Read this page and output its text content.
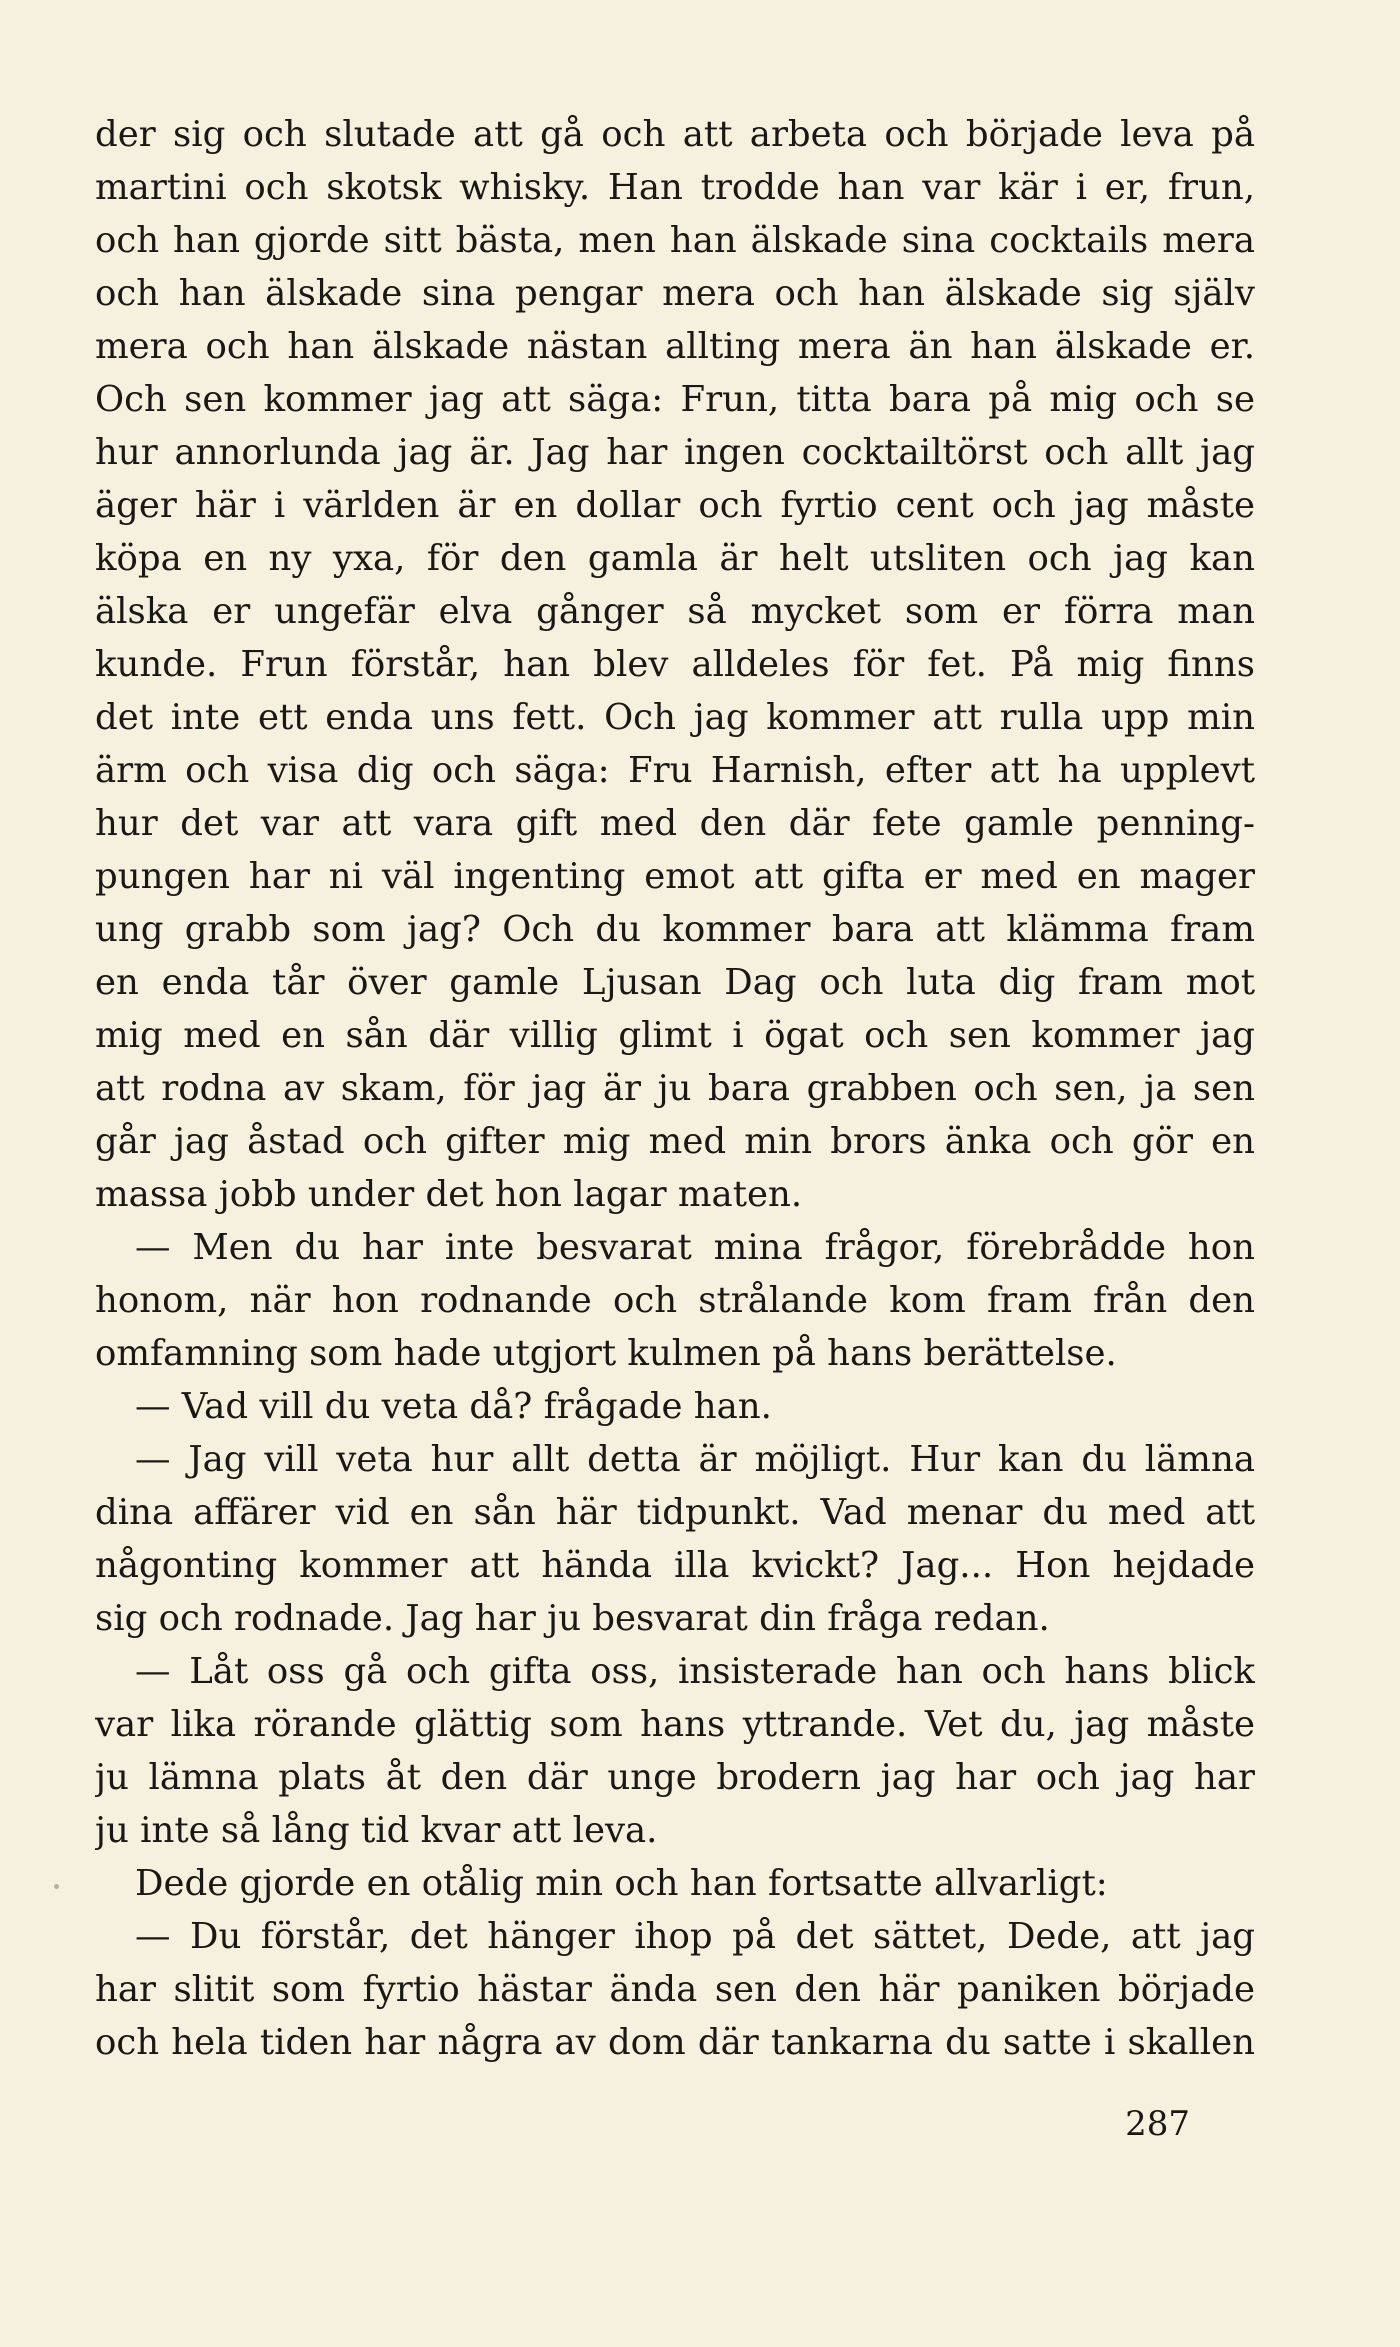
der sig och slutade att gå och att arbeta och började leva på
martini och skotsk whisky. Han trodde han var kär i er, frun,
och han gjorde sitt bästa, men han älskade sina cocktails mera
och han älskade sina pengar mera och han älskade sig själv
mera och han älskade nästan allting mera än han älskade er.
Och sen kommer jag att säga: Frun, titta bara på mig och se
hur annorlunda jag är. Jag har ingen cocktailtörst och allt jag
äger här i världen är en dollar och fyrtio cent och jag måste
köpa en ny yxa, för den gamla är helt utsliten och jag kan
älska er ungefär elva gånger så mycket som er förra man
kunde. Frun förstår, han blev alldeles för fet. På mig finns
det inte ett enda uns fett. Och jag kommer att rulla upp min
ärm och visa dig och säga: Fru Harnish, efter att ha upplevt
hur det var att vara gift med den där fete gamle penning-
pungen har ni väl ingenting emot att gifta er med en mager
ung grabb som jag? Och du kommer bara att klämma fram
en enda tår över gamle Ljusan Dag och luta dig fram mot
mig med en sån där villig glimt i ögat och sen kommer jag
att rodna av skam, för jag är ju bara grabben och sen, ja sen
går jag åstad och gifter mig med min brors änka och gör en
massa jobb under det hon lagar maten.
— Men du har inte besvarat mina frågor, förebrådde hon
honom, när hon rodnande och strålande kom fram från den
omfamning som hade utgjort kulmen på hans berättelse.
— Vad vill du veta då? frågade han.
— Jag vill veta hur allt detta är möjligt. Hur kan du lämna
dina affärer vid en sån här tidpunkt. Vad menar du med att
någonting kommer att hända illa kvickt? Jag... Hon hejdade
sig och rodnade. Jag har ju besvarat din fråga redan.
— Låt oss gå och gifta oss, insisterade han och hans blick
var lika rörande glättig som hans yttrande. Vet du, jag måste
ju lämna plats åt den där unge brodern jag har och jag har
ju inte så lång tid kvar att leva.
Dede gjorde en otålig min och han fortsatte allvarligt:
— Du förstår, det hänger ihop på det sättet, Dede, att jag
har slitit som fyrtio hästar ända sen den här paniken började
och hela tiden har några av dom där tankarna du satte i skallen
287
